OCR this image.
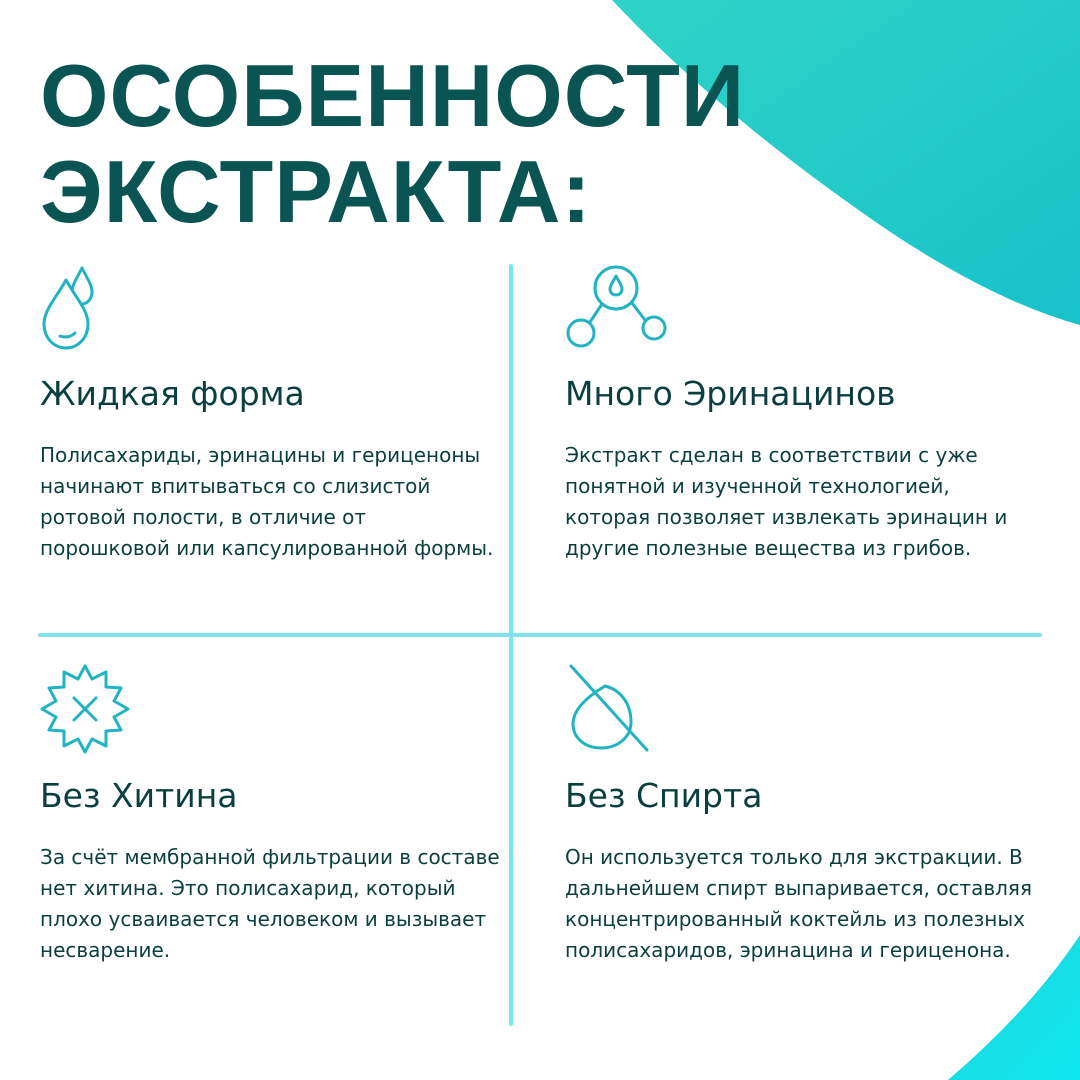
ОСОБЕННОСТИ
ЭКСТРАКТА:
Жидкая форма

Полисахариды, эринацины и гериценоны начинают впитываться со слизистой ротовой полости, в отличие от порошковой или капсулированной формы.

Много Эринацинов

Экстракт сделан в соответствии с уже понятной и изученной технологией, которая позволяет извлекать эринацин и другие полезные вещества из грибов.

Без Хитина

За счёт мембранной фильтрации в составе нет хитина. Это полисахарид, который плохо усваивается человеком и вызывает несварение.

Без Спирта

Он используется только для экстракции. В дальнейшем спирт выпаривается, оставляя концентрированный коктейль из полезных полисахаридов, эринацина и гериценона.
